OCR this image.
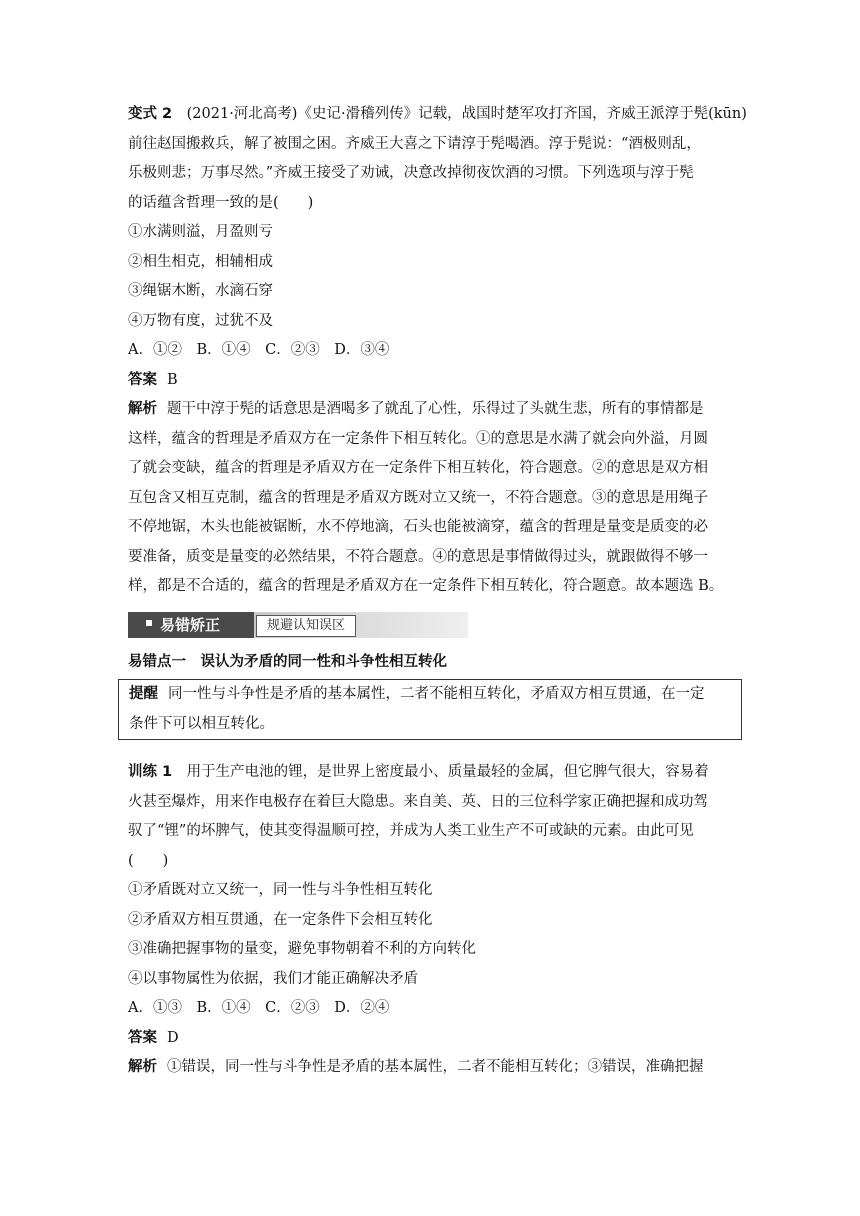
变式 2  (2021·河北高考)《史记·滑稽列传》记载，战国时楚军攻打齐国，齐威王派淳于髡(kūn)
前往赵国搬救兵，解了被围之困。齐威王大喜之下请淳于髡喝酒。淳于髡说：“酒极则乱，
乐极则悲；万事尽然。”齐威王接受了劝诫，决意改掉彻夜饮酒的习惯。下列选项与淳于髡
的话蕴含哲理一致的是(　　)
①水满则溢，月盈则亏
②相生相克，相辅相成
③绳锯木断，水滴石穿
④万物有度，过犹不及
A．①②　B．①④　C．②③　D．③④
答案 B
解析 题干中淳于髡的话意思是酒喝多了就乱了心性，乐得过了头就生悲，所有的事情都是
这样，蕴含的哲理是矛盾双方在一定条件下相互转化。①的意思是水满了就会向外溢，月圆
了就会变缺，蕴含的哲理是矛盾双方在一定条件下相互转化，符合题意。②的意思是双方相
互包含又相互克制，蕴含的哲理是矛盾双方既对立又统一，不符合题意。③的意思是用绳子
不停地锯，木头也能被锯断，水不停地滴，石头也能被滴穿，蕴含的哲理是量变是质变的必
要准备，质变是量变的必然结果，不符合题意。④的意思是事情做得过头，就跟做得不够一
样，都是不合适的，蕴含的哲理是矛盾双方在一定条件下相互转化，符合题意。故本题选 B。
易错矫正	规避认知误区
易错点一　误认为矛盾的同一性和斗争性相互转化
提醒 同一性与斗争性是矛盾的基本属性，二者不能相互转化，矛盾双方相互贯通，在一定
条件下可以相互转化。
训练 1  用于生产电池的锂，是世界上密度最小、质量最轻的金属，但它脾气很大，容易着
火甚至爆炸，用来作电极存在着巨大隐患。来自美、英、日的三位科学家正确把握和成功驾
驭了“锂”的坏脾气，使其变得温顺可控，并成为人类工业生产不可或缺的元素。由此可见
(　　)
①矛盾既对立又统一，同一性与斗争性相互转化
②矛盾双方相互贯通，在一定条件下会相互转化
③准确把握事物的量变，避免事物朝着不利的方向转化
④以事物属性为依据，我们才能正确解决矛盾
A．①③　B．①④　C．②③　D．②④
答案 D
解析 ①错误，同一性与斗争性是矛盾的基本属性，二者不能相互转化；③错误，准确把握
